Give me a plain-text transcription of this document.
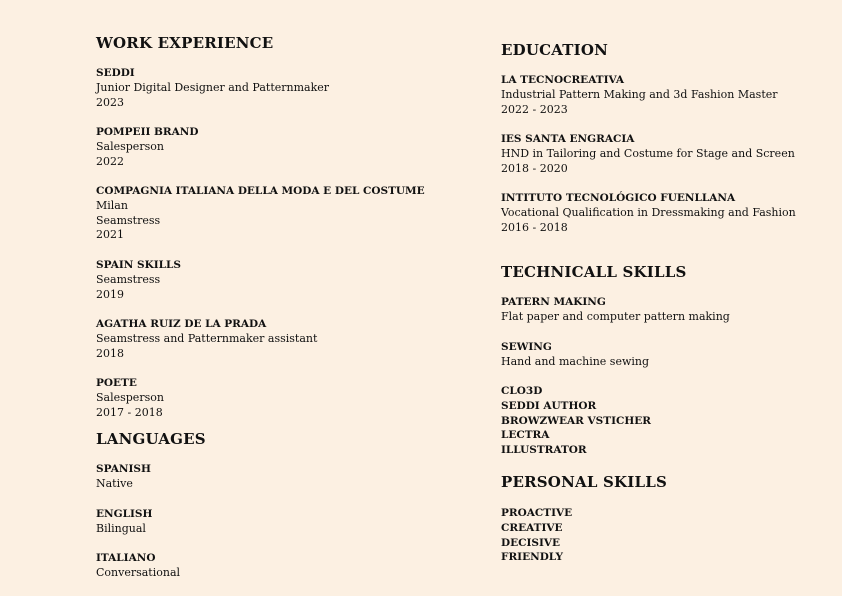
WORK EXPERIENCE
SEDDI
Junior Digital Designer and Patternmaker
2023
POMPEII BRAND
Salesperson
2022
COMPAGNIA ITALIANA DELLA MODA E DEL COSTUME
Milan
Seamstress
2021
SPAIN SKILLS
Seamstress
2019
AGATHA RUIZ DE LA PRADA
Seamstress and Patternmaker assistant
2018
POETE
Salesperson
2017 - 2018
LANGUAGES
SPANISH
Native
ENGLISH
Bilingual
ITALIANO
Conversational
EDUCATION
LA TECNOCREATIVA
Industrial Pattern Making and 3d Fashion Master
2022 - 2023
IES SANTA ENGRACIA
HND in Tailoring and Costume for Stage and Screen
2018 - 2020
INTITUTO TECNOLÓGICO FUENLLANA
Vocational Qualification in Dressmaking and Fashion
2016 - 2018
TECHNICALL SKILLS
PATERN MAKING
Flat paper and computer pattern making
SEWING
Hand and machine sewing
CLO3D
SEDDI AUTHOR
BROWZWEAR VSTICHER
LECTRA
ILLUSTRATOR
PERSONAL SKILLS
PROACTIVE
CREATIVE
DECISIVE
FRIENDLY
